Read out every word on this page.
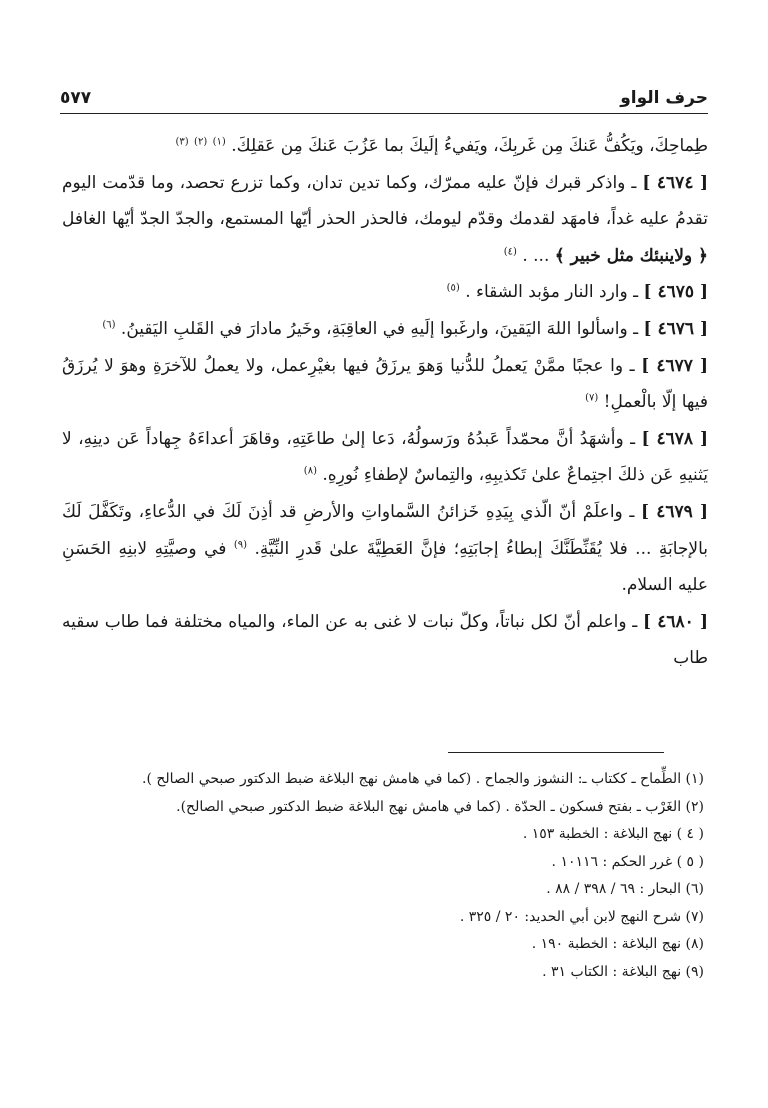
حرف الواو
٥٧٧

طِماحِكَ، ويَكُفُّ عَنكَ مِن غَربِكَ، ويَفيءُ إلَيكَ بما عَزُبَ عَنكَ مِن عَقلِكَ. $^{(١)}$ $^{(٢)}$ $^{(٣)}$

[ ٤٦٧٤ ] ـ واذكر قبرك فإنّ عليه ممرّك، وكما تدين تدان، وكما تزرع تحصد، وما قدّمت اليوم تقدمُ عليه غداً، فامهَد لقدمك وقدّم ليومك، فالحذر الحذر أيّها المستمع، والجدّ الجدّ أيّها الغافل ﴿ ولاينبئك مثل خبير ﴾ ... . $^{(٤)}$

[ ٤٦٧٥ ] ـ وارد النار مؤبد الشقاء . $^{(٥)}$

[ ٤٦٧٦ ] ـ واسألوا اللهَ اليَقينَ، وارغَبوا إلَيهِ في العاقِبَةِ، وخَيرُ مادارَ في القَلبِ اليَقينُ. $^{(٦)}$

[ ٤٦٧٧ ] ـ وا عجبًا ممَّنْ يَعملُ للدُّنيا وَهوَ يرزَقُ فيها بغيْرِعمل، ولا يعملُ للآخرَةِ وهوَ لا يُرزَقُ فيها إلّا بالْعملِ! $^{(٧)}$

[ ٤٦٧٨ ] ـ وأشهَدُ أنَّ محمّداً عَبدُهُ ورَسولُهُ، دَعا إلىٰ طاعَتِهِ، وقاهَرَ أعداءَهُ جِهاداً عَن دينِهِ، لا يَثنيهِ عَن ذلكَ اجتِماعٌ علىٰ تَكذيبِهِ، والتِماسٌ لإطفاءِ نُورِهِ. $^{(٨)}$

[ ٤٦٧٩ ] ـ واعلَمْ أنّ الّذي بِيَدِهِ خَزائنُ السَّماواتِ والأرضِ قد أذِنَ لَكَ في الدُّعاءِ، وتَكَفَّلَ لَكَ بالإجابَةِ ... فلا يُقَنِّطَنَّكَ إبطاءُ إجابَتِهِ؛ فإنَّ العَطِيَّةَ علىٰ قَدرِ النِّيَّةِ. $^{(٩)}$ في وصيَّتِهِ لابنِهِ الحَسَنِ عليه السلام.

[ ٤٦٨٠ ] ـ واعلم أنّ لكل نباتاً، وكلّ نبات لا غنى به عن الماء، والمياه مختلفة فما طاب سقيه طاب

(١) الطِّماح ـ ككتاب ـ: النشوز والجماح . (كما في هامش نهج البلاغة ضبط الدكتور صبحي الصالح ).
(٢) الغَرْب ـ بفتح فسكون ـ الحدّة . (كما في هامش نهج البلاغة ضبط الدكتور صبحي الصالح).
( ٤ ) نهج البلاغة : الخطبة ١٥٣ .
( ٥ ) غرر الحكم : ١٠١١٦ .
(٦) البحار : ٦٩ / ٣٩٨ / ٨٨ .
(٧) شرح النهج لابن أبي الحديد: ٢٠ / ٣٢٥ .
(٨) نهج البلاغة : الخطبة ١٩٠ .
(٩) نهج البلاغة : الكتاب ٣١ .
